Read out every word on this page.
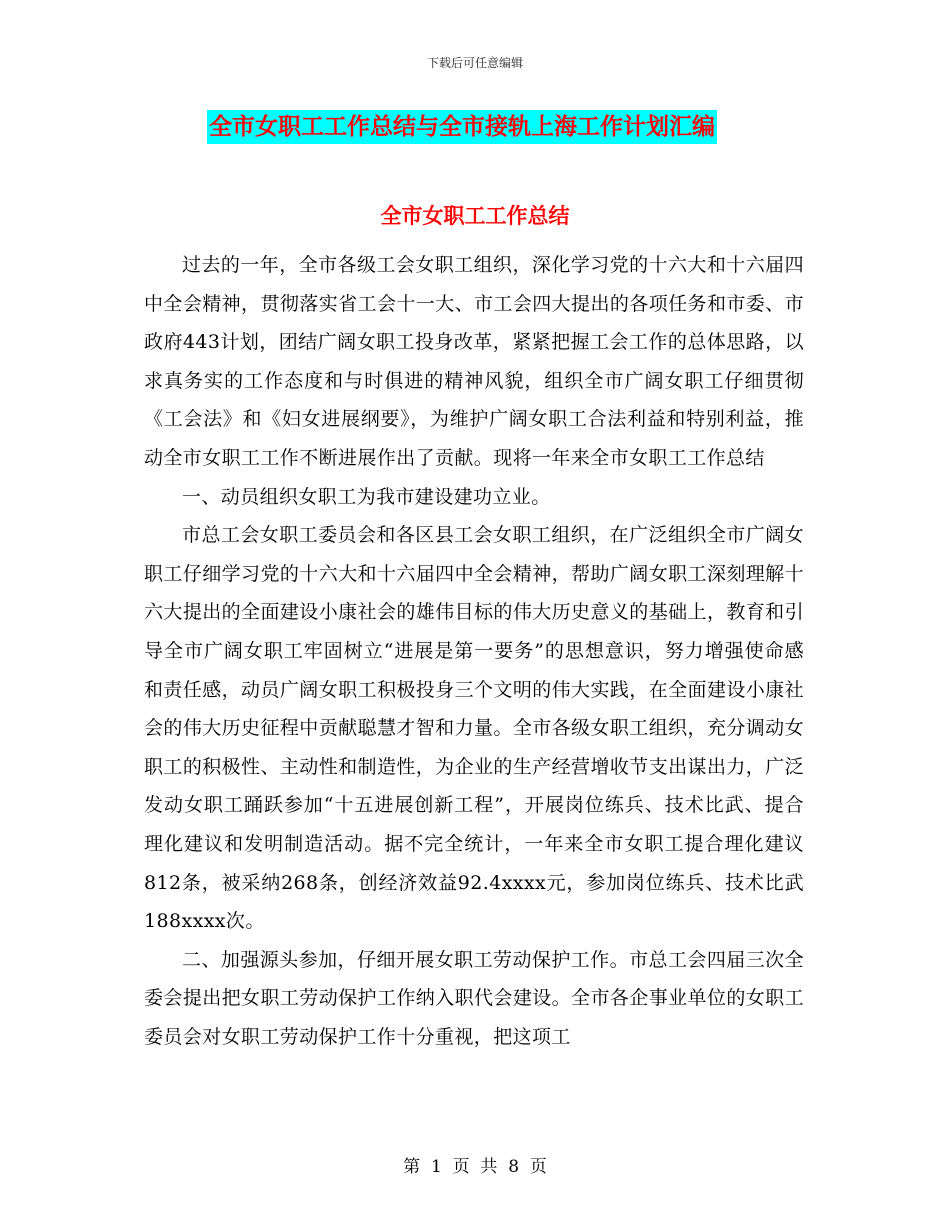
下载后可任意编辑
全市女职工工作总结与全市接轨上海工作计划汇编
全市女职工工作总结

过去的一年，全市各级工会女职工组织，深化学习党的十六大和十六届四中全会精神，贯彻落实省工会十一大、市工会四大提出的各项任务和市委、市政府443计划，团结广阔女职工投身改革，紧紧把握工会工作的总体思路，以求真务实的工作态度和与时俱进的精神风貌，组织全市广阔女职工仔细贯彻《工会法》和《妇女进展纲要》，为维护广阔女职工合法利益和特别利益，推动全市女职工工作不断进展作出了贡献。现将一年来全市女职工工作总结

一、动员组织女职工为我市建设建功立业。

市总工会女职工委员会和各区县工会女职工组织，在广泛组织全市广阔女职工仔细学习党的十六大和十六届四中全会精神，帮助广阔女职工深刻理解十六大提出的全面建设小康社会的雄伟目标的伟大历史意义的基础上，教育和引导全市广阔女职工牢固树立“进展是第一要务”的思想意识，努力增强使命感和责任感，动员广阔女职工积极投身三个文明的伟大实践，在全面建设小康社会的伟大历史征程中贡献聪慧才智和力量。全市各级女职工组织，充分调动女职工的积极性、主动性和制造性，为企业的生产经营增收节支出谋出力，广泛发动女职工踊跃参加“十五进展创新工程”，开展岗位练兵、技术比武、提合理化建议和发明制造活动。据不完全统计，一年来全市女职工提合理化建议812条，被采纳268条，创经济效益92.4xxxx元，参加岗位练兵、技术比武188xxxx次。

二、加强源头参加，仔细开展女职工劳动保护工作。市总工会四届三次全委会提出把女职工劳动保护工作纳入职代会建设。全市各企事业单位的女职工委员会对女职工劳动保护工作十分重视，把这项工

第  1  页  共  8  页
